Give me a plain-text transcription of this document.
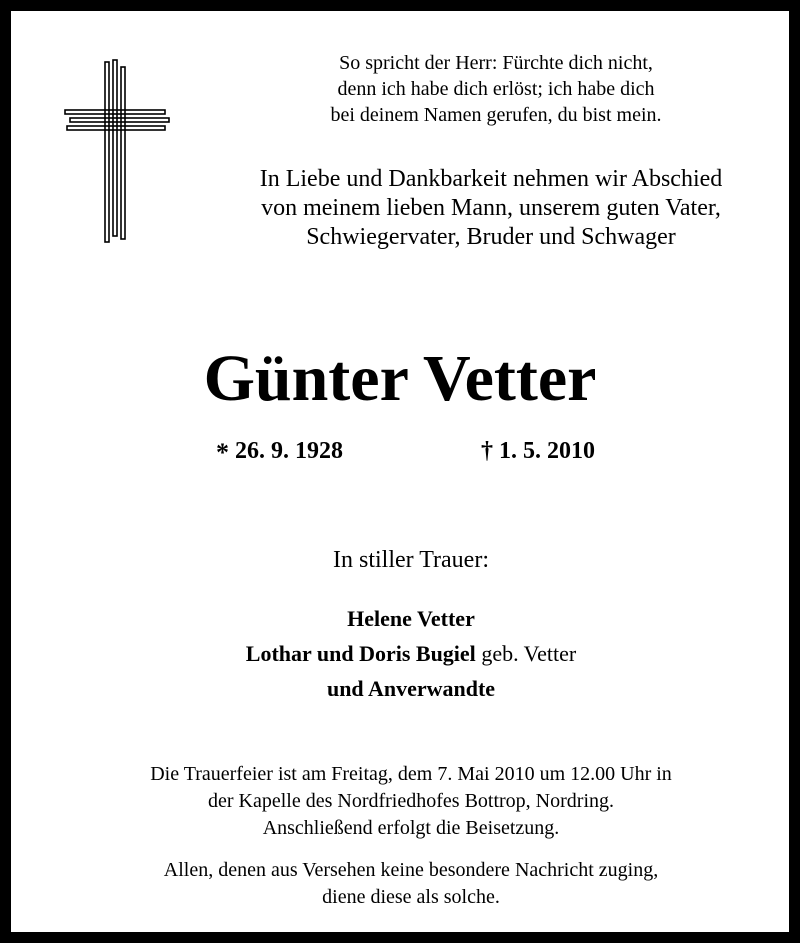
So spricht der Herr: Fürchte dich nicht,
denn ich habe dich erlöst; ich habe dich
bei deinem Namen gerufen, du bist mein.
In Liebe und Dankbarkeit nehmen wir Abschied
von meinem lieben Mann, unserem guten Vater,
Schwiegervater, Bruder und Schwager
Günter Vetter
* 26. 9. 1928	† 1. 5. 2010
In stiller Trauer:
Helene Vetter
Lothar und Doris Bugiel geb. Vetter
und Anverwandte
Die Trauerfeier ist am Freitag, dem 7. Mai 2010 um 12.00 Uhr in
der Kapelle des Nordfriedhofes Bottrop, Nordring.
Anschließend erfolgt die Beisetzung.
Allen, denen aus Versehen keine besondere Nachricht zuging,
diene diese als solche.
